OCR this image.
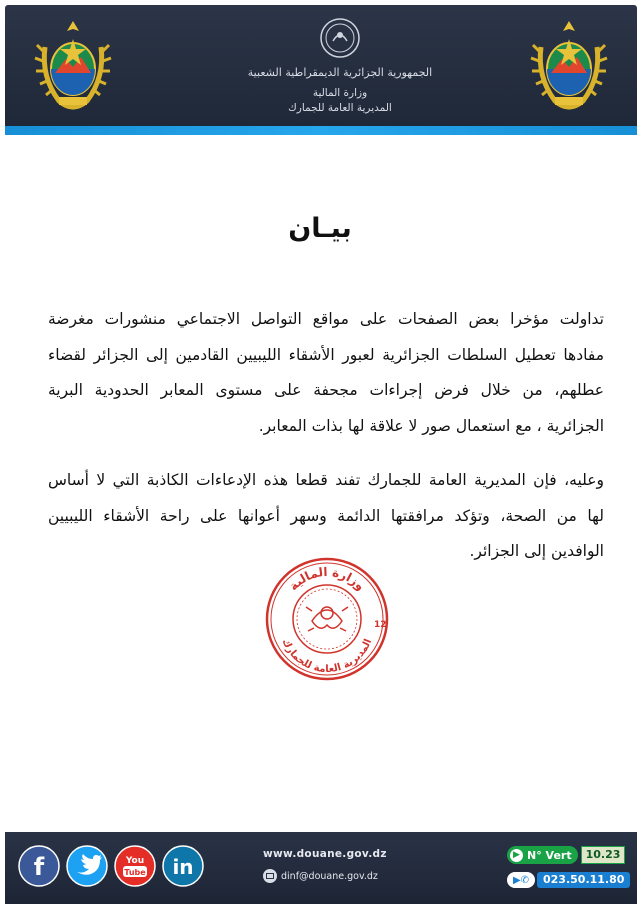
الجمهورية الجزائرية الديمقراطية الشعبية
وزارة المالية
المديرية العامة للجمارك
بيـان
تداولت مؤخرا بعض الصفحات على مواقع التواصل الاجتماعي منشورات مغرضة
مفادها تعطيل السلطات الجزائرية لعبور الأشقاء الليبيين القادمين إلى الجزائر لقضاء
عطلهم، من خلال فرض إجراءات مجحفة على مستوى المعابر الحدودية البرية
الجزائرية ، مع استعمال صور لا علاقة لها بذات المعابر.
وعليه، فإن المديرية العامة للجمارك تفند قطعا هذه الإدعاءات الكاذبة التي لا أساس
لها من الصحة، وتؤكد مرافقتها الدائمة وسهر أعوانها على راحة الأشقاء الليبيين
الوافدين إلى الجزائر.
وزارة المالية
المديرية العامة للجمارك
12
f	You
Tube in
www.douane.gov.dz
dinf@douane.gov.dz
▶ N° Vert	10.23
▶✆	023.50.11.80
